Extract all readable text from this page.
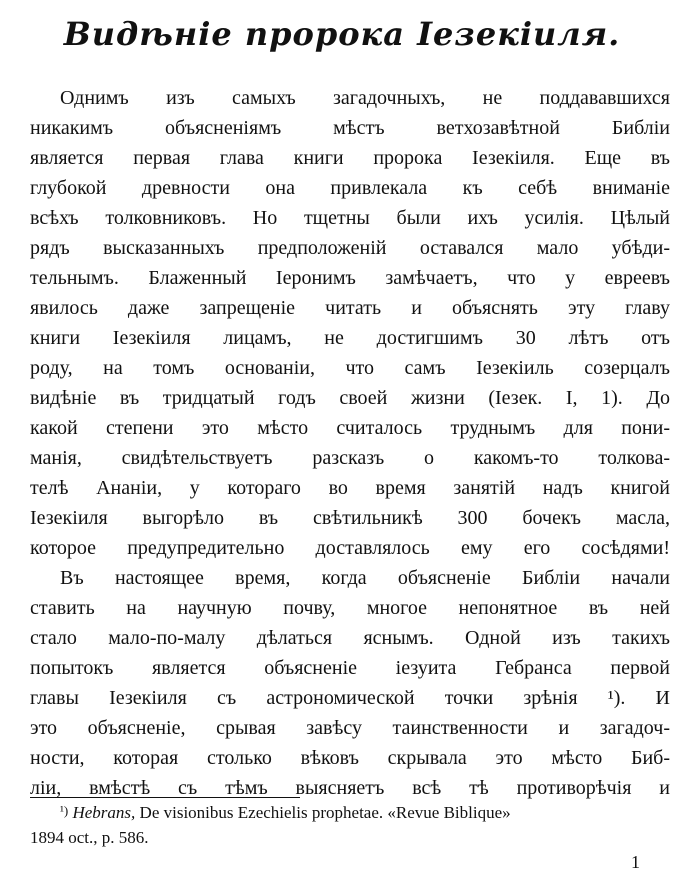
Видѣніе пророка Іезекіиля.
Однимъ изъ самыхъ загадочныхъ, не поддававшихся
никакимъ объясненіямъ мѣстъ ветхозавѣтной Библіи
является первая глава книги пророка Іезекіиля. Еще въ
глубокой древности она привлекала къ себѣ вниманіе
всѣхъ толковниковъ. Но тщетны были ихъ усилія. Цѣлый
рядъ высказанныхъ предположеній оставался мало убѣди-
тельнымъ. Блаженный Іеронимъ замѣчаетъ, что у евреевъ
явилось даже запрещеніе читать и объяснять эту главу
книги Іезекіиля лицамъ, не достигшимъ 30 лѣтъ отъ
роду, на томъ основаніи, что самъ Іезекіиль созерцалъ
видѣніе въ тридцатый годъ своей жизни (Іезек. I, 1). До
какой степени это мѣсто считалось труднымъ для пони-
манія, свидѣтельствуетъ разсказъ о какомъ-то толкова-
телѣ Ананіи, у котораго во время занятій надъ книгой
Іезекіиля выгорѣло въ свѣтильникѣ 300 бочекъ масла,
которое предупредительно доставлялось ему его сосѣдями!
Въ настоящее время, когда объясненіе Библіи начали
ставить на научную почву, многое непонятное въ ней
стало мало-по-малу дѣлаться яснымъ. Одной изъ такихъ
попытокъ является объясненіе іезуита Гебранса первой
главы Іезекіиля съ астрономической точки зрѣнія ¹). И
это объясненіе, срывая завѣсу таинственности и загадоч-
ности, которая столько вѣковъ скрывала это мѣсто Биб-
ліи, вмѣстѣ съ тѣмъ выясняетъ всѣ тѣ противорѣчія и
$^{^1)}$ Hebrans, De visionibus Ezechielis prophetae. «Revue Biblique»
1894 oct., p. 586.
1
